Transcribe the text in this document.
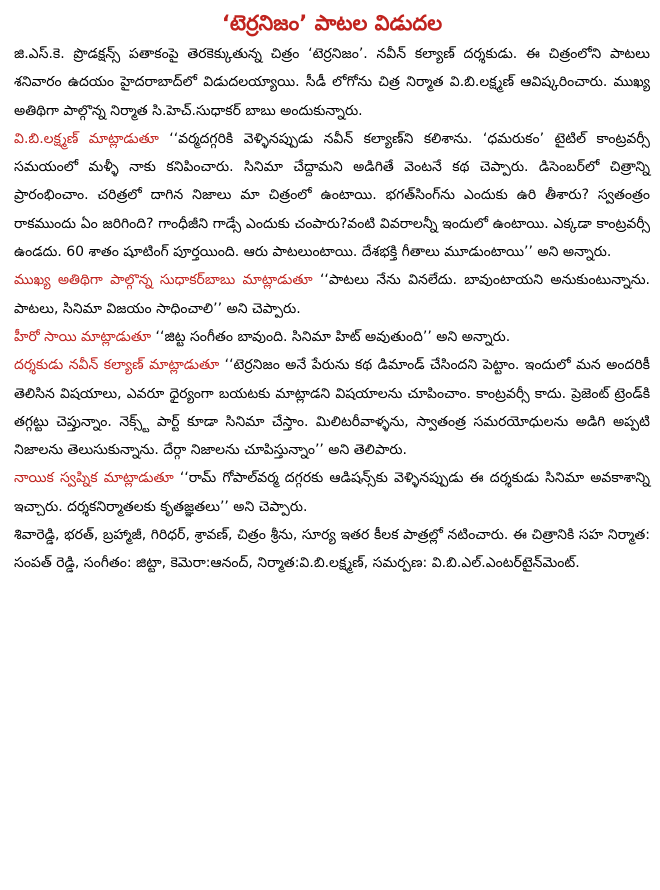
‘టెర్రనిజం’ పాటల విడుదల

జి.ఎస్.కె. ప్రొడక్షన్స్ పతాకంపై తెరకెక్కుతున్న చిత్రం ‘టెర్రనిజం’. నవీన్ కల్యాణ్ దర్శకుడు. ఈ చిత్రంలోని పాటలు శనివారం ఉదయం హైదరాబాద్‌లో విడుదలయ్యాయి. సీడీ లోగోను చిత్ర నిర్మాత వి.బి.లక్ష్మణ్ ఆవిష్కరించారు. ముఖ్య అతిథిగా పాల్గొన్న నిర్మాత సి.హెచ్.సుధాకర్ బాబు అందుకున్నారు.

వి.బి.లక్ష్మణ్ మాట్లాడుతూ ‘‘వర్మదగ్గరికి వెళ్ళినప్పుడు నవీన్ కల్యాణ్‌ని కలిశాను. ‘ధమరుకం’ టైటిల్ కాంట్రవర్సీ సమయంలో మళ్ళీ నాకు కనిపించారు. సినిమా చేద్దామని అడిగితే వెంటనే కథ చెప్పారు. డిసెంబర్‌లో చిత్రాన్ని ప్రారంభించాం. చరిత్రలో దాగిన నిజాలు మా చిత్రంలో ఉంటాయి. భగత్‌సింగ్‌ను ఎందుకు ఉరి తీశారు? స్వతంత్రం రాకముందు ఏం జరిగింది? గాంధీజీని గాడ్సే ఎందుకు చంపారు?వంటి వివరాలన్నీ ఇందులో ఉంటాయి. ఎక్కడా కాంట్రవర్సీ ఉండదు. 60 శాతం షూటింగ్ పూర్తయింది. ఆరు పాటలుంటాయి. దేశభక్తి గీతాలు మూడుంటాయి’’ అని అన్నారు.

ముఖ్య అతిథిగా పాల్గొన్న సుధాకర్‌బాబు మాట్లాడుతూ ‘‘పాటలు నేను వినలేదు. బావుంటాయని అనుకుంటున్నాను. పాటలు, సినిమా విజయం సాధించాలి’’ అని చెప్పారు.

హీరో సాయి మాట్లాడుతూ ‘‘జిట్ట సంగీతం బావుంది. సినిమా హిట్ అవుతుంది’’ అని అన్నారు.

దర్శకుడు నవీన్ కల్యాణ్ మాట్లాడుతూ ‘‘టెర్రనిజం అనే పేరును కథ డిమాండ్ చేసిందని పెట్టాం. ఇందులో మన అందరికీ తెలిసిన విషయాలు, ఎవరూ ధైర్యంగా బయటకు మాట్లాడని విషయాలను చూపించాం. కాంట్రవర్సీ కాదు. ప్రెజెంట్ ట్రెండ్‌కి తగ్గట్టు చెప్తున్నాం. నెక్స్ట్ పార్ట్ కూడా సినిమా చేస్తాం. మిలిటరీవాళ్ళను, స్వాతంత్ర సమరయోధులను అడిగి అప్పటి నిజాలను తెలుసుకున్నాను. దేర్గా నిజాలను చూపిస్తున్నాం’’ అని తెలిపారు.

నాయిక స్వప్నిక మాట్లాడుతూ ‘‘రామ్ గోపాల్‌వర్మ దగ్గరకు ఆడిషన్స్‌కు వెళ్ళినప్పుడు ఈ దర్శకుడు సినిమా అవకాశాన్ని ఇచ్చారు. దర్శకనిర్మాతలకు కృతజ్ఞతలు’’ అని చెప్పారు.

శివారెడ్డి, భరత్, బ్రహ్మాజీ, గిరిధర్, శ్రావణ్, చిత్రం శ్రీను, సూర్య ఇతర కీలక పాత్రల్లో నటించారు. ఈ చిత్రానికి సహ నిర్మాత: సంపత్ రెడ్డి, సంగీతం: జిట్టా, కెమెరా:ఆనంద్, నిర్మాత:వి.బి.లక్ష్మణ్, సమర్పణ: వి.బి.ఎల్.ఎంటర్‌టైన్‌మెంట్.
